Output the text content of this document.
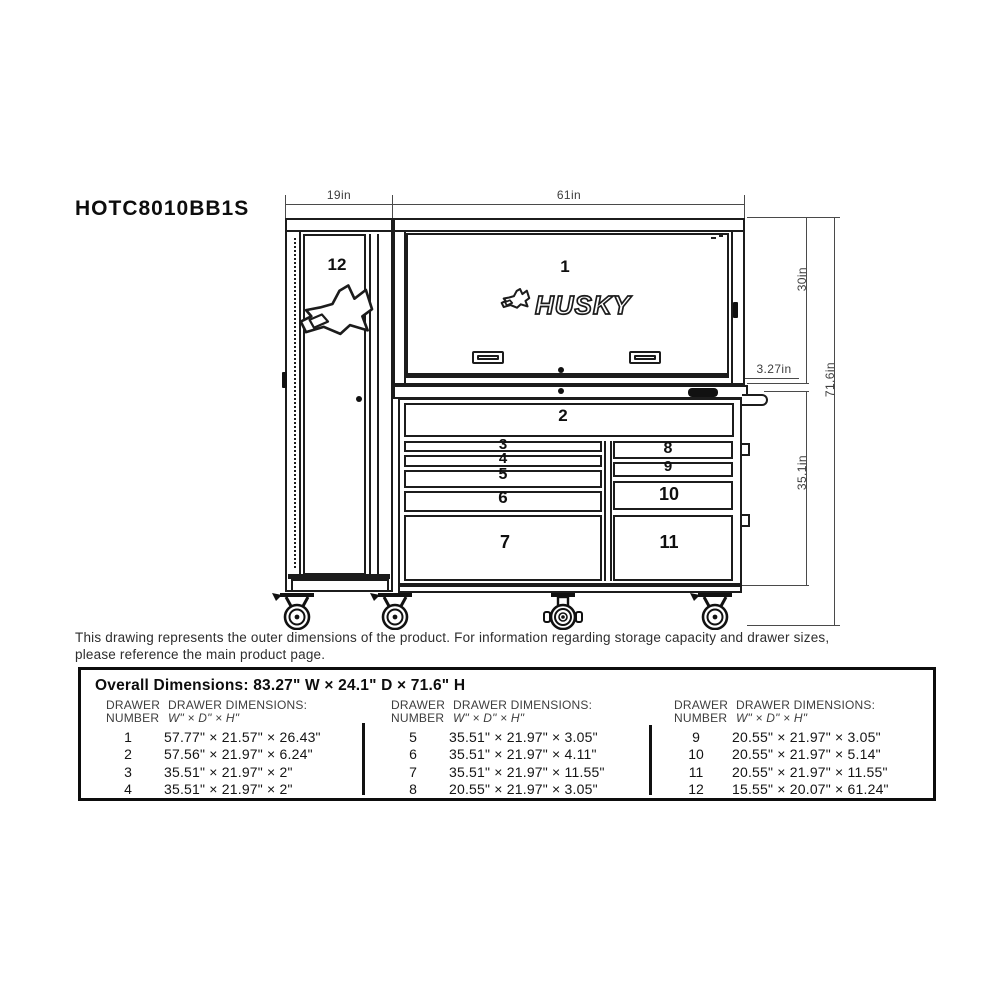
HOTC8010BB1S
19in	61in
30in
35.1in
71.6in
3.27in
12	1
HUSKY
2
3
4
5
6
7
8
9
10
11
This drawing represents the outer dimensions of the product. For information regarding storage capacity and drawer sizes,
please reference the main product page.
Overall Dimensions: 83.27" W × 24.1" D × 71.6" H
DRAWER
NUMBER
DRAWER DIMENSIONS:
W" × D" × H"
1	57.77" × 21.57" × 26.43"
2	57.56" × 21.97" × 6.24"
3	35.51" × 21.97" × 2"
4	35.51" × 21.97" × 2"
DRAWER
NUMBER
DRAWER DIMENSIONS:
W" × D" × H"
5	35.51" × 21.97" × 3.05"
6	35.51" × 21.97" × 4.11"
7	35.51" × 21.97" × 11.55"
8	20.55" × 21.97" × 3.05"
DRAWER
NUMBER
DRAWER DIMENSIONS:
W" × D" × H"
9	20.55" × 21.97" × 3.05"
10	20.55" × 21.97" × 5.14"
11	20.55" × 21.97" × 11.55"
12	15.55" × 20.07" × 61.24"
